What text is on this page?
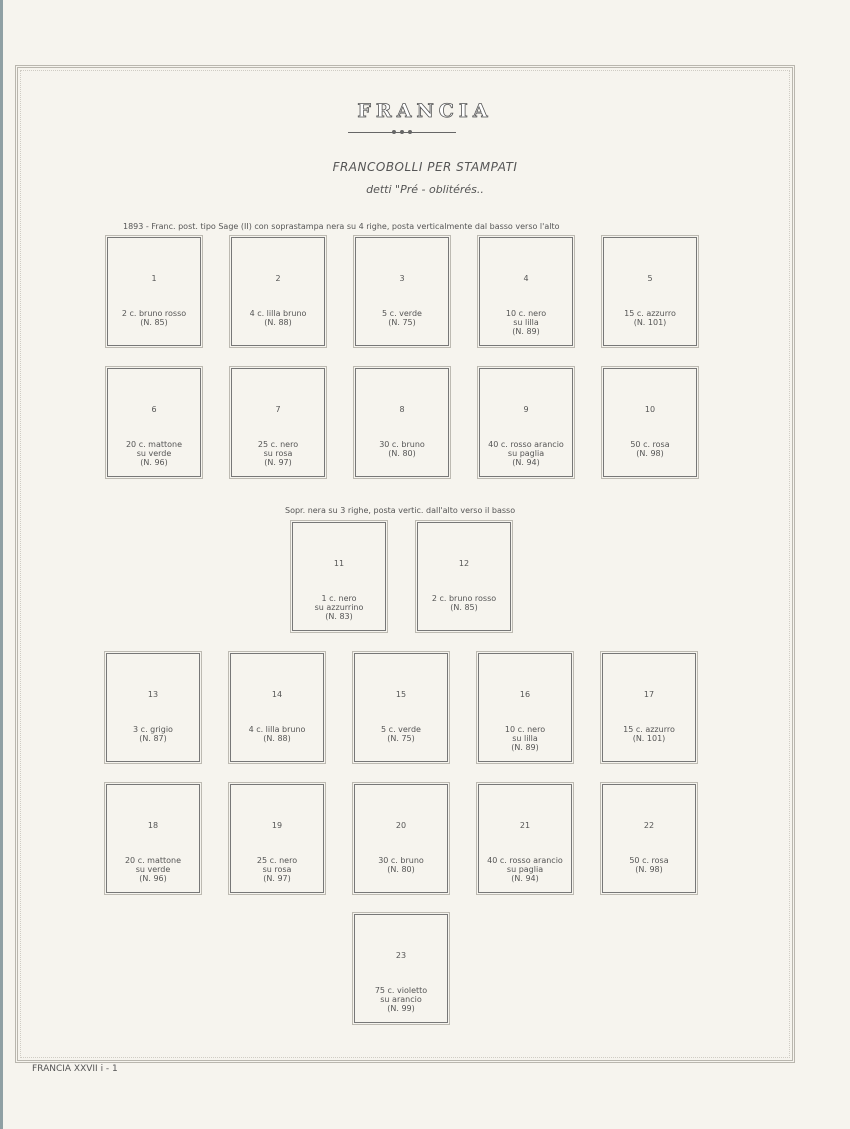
FRANCIA
FRANCOBOLLI PER STAMPATI
detti "Pré - oblitérés..
1893 - Franc. post. tipo Sage (II) con soprastampa nera su 4 righe, posta verticalmente dal basso verso l'alto
Sopr. nera su 3 righe, posta vertic. dall'alto verso il basso
1
2 c. bruno rosso
(N. 85)
2
4 c. lilla bruno
(N. 88)
3
5 c. verde
(N. 75)
4
10 c. nero
su lilla
(N. 89)
5
15 c. azzurro
(N. 101)
6
20 c. mattone
su verde
(N. 96)
7
25 c. nero
su rosa
(N. 97)
8
30 c. bruno
(N. 80)
9
40 c. rosso arancio
su paglia
(N. 94)
10
50 c. rosa
(N. 98)
11
1 c. nero
su azzurrino
(N. 83)
12
2 c. bruno rosso
(N. 85)
13
3 c. grigio
(N. 87)
14
4 c. lilla bruno
(N. 88)
15
5 c. verde
(N. 75)
16
10 c. nero
su lilla
(N. 89)
17
15 c. azzurro
(N. 101)
18
20 c. mattone
su verde
(N. 96)
19
25 c. nero
su rosa
(N. 97)
20
30 c. bruno
(N. 80)
21
40 c. rosso arancio
su paglia
(N. 94)
22
50 c. rosa
(N. 98)
23
75 c. violetto
su arancio
(N. 99)
FRANCIA XXVII i - 1
